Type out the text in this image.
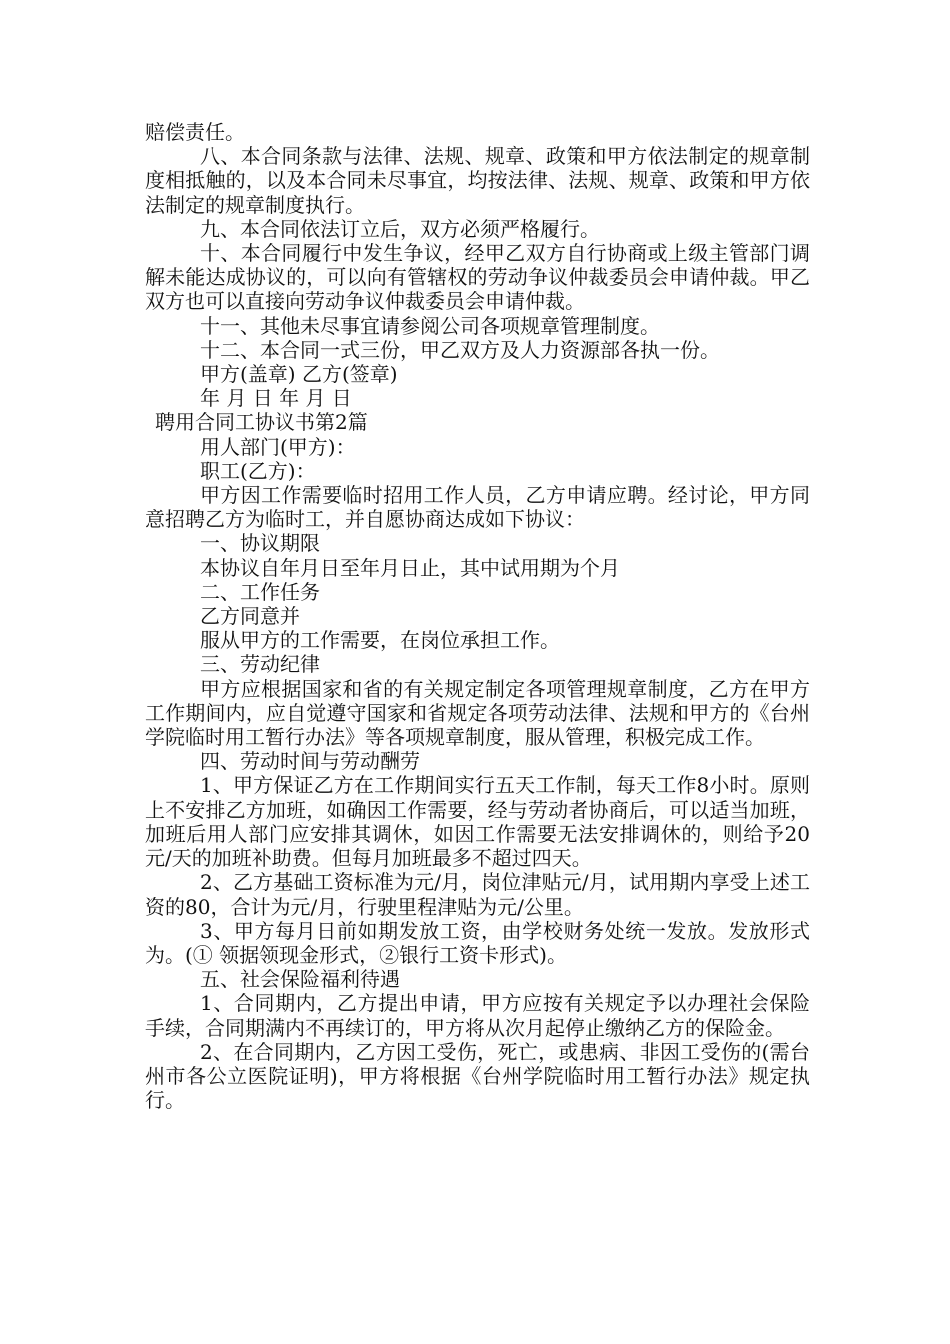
赔偿责任。

八、本合同条款与法律、法规、规章、政策和甲方依法制定的规章制度相抵触的，以及本合同未尽事宜，均按法律、法规、规章、政策和甲方依法制定的规章制度执行。

九、本合同依法订立后，双方必须严格履行。

十、本合同履行中发生争议，经甲乙双方自行协商或上级主管部门调解未能达成协议的，可以向有管辖权的劳动争议仲裁委员会申请仲裁。甲乙双方也可以直接向劳动争议仲裁委员会申请仲裁。

十一、其他未尽事宜请参阅公司各项规章管理制度。

十二、本合同一式三份，甲乙双方及人力资源部各执一份。

甲方(盖章) 乙方(签章)

年 月 日 年 月 日

聘用合同工协议书第2篇

用人部门(甲方)：

职工(乙方)：

甲方因工作需要临时招用工作人员，乙方申请应聘。经讨论，甲方同意招聘乙方为临时工，并自愿协商达成如下协议：

一、协议期限

本协议自年月日至年月日止，其中试用期为个月

二、工作任务

乙方同意并

服从甲方的工作需要，在岗位承担工作。

三、劳动纪律

甲方应根据国家和省的有关规定制定各项管理规章制度，乙方在甲方工作期间内，应自觉遵守国家和省规定各项劳动法律、法规和甲方的《台州学院临时用工暂行办法》等各项规章制度，服从管理，积极完成工作。

四、劳动时间与劳动酬劳

1、甲方保证乙方在工作期间实行五天工作制，每天工作8小时。原则上不安排乙方加班，如确因工作需要，经与劳动者协商后，可以适当加班，加班后用人部门应安排其调休，如因工作需要无法安排调休的，则给予20元/天的加班补助费。但每月加班最多不超过四天。

2、乙方基础工资标准为元/月，岗位津贴元/月，试用期内享受上述工资的80，合计为元/月，行驶里程津贴为元/公里。

3、甲方每月日前如期发放工资，由学校财务处统一发放。发放形式为。(① 领据领现金形式，②银行工资卡形式)。

五、社会保险福利待遇

1、合同期内，乙方提出申请，甲方应按有关规定予以办理社会保险手续，合同期满内不再续订的，甲方将从次月起停止缴纳乙方的保险金。

2、在合同期内，乙方因工受伤，死亡，或患病、非因工受伤的(需台州市各公立医院证明)，甲方将根据《台州学院临时用工暂行办法》规定执行。
